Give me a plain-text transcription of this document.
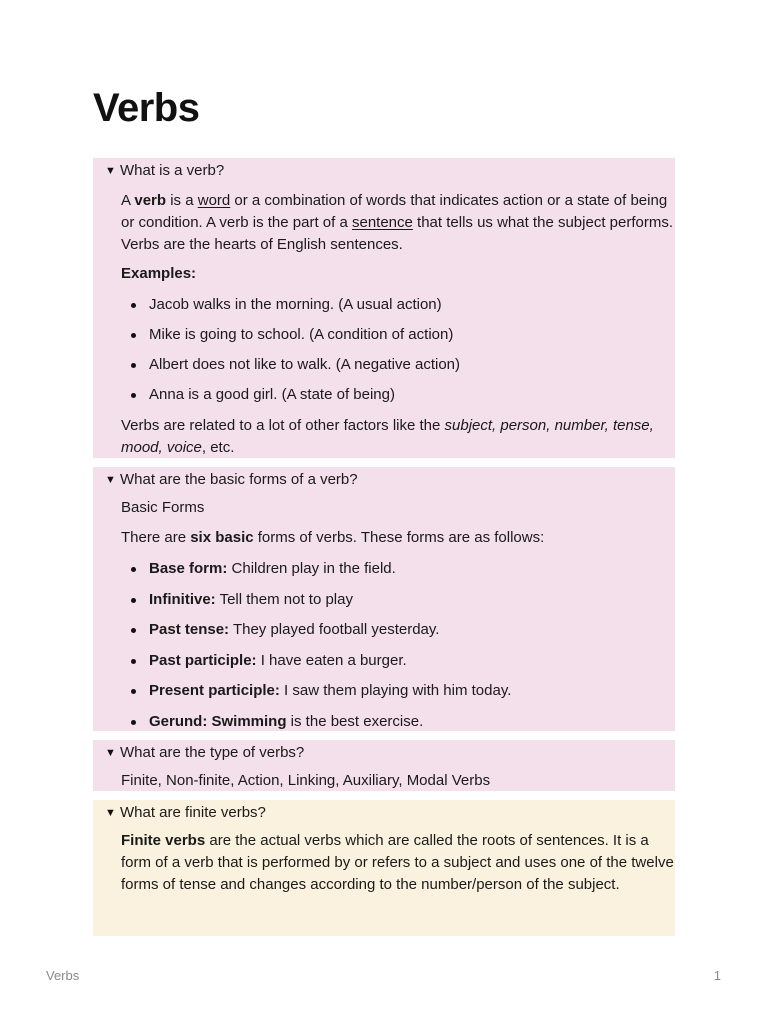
Verbs
▼ What is a verb?

A verb is a word or a combination of words that indicates action or a state of being or condition. A verb is the part of a sentence that tells us what the subject performs. Verbs are the hearts of English sentences.

Examples:

Jacob walks in the morning. (A usual action)
Mike is going to school. (A condition of action)
Albert does not like to walk. (A negative action)
Anna is a good girl. (A state of being)

Verbs are related to a lot of other factors like the subject, person, number, tense, mood, voice, etc.

▼ What are the basic forms of a verb?

Basic Forms

There are six basic forms of verbs. These forms are as follows:

Base form: Children play in the field.
Infinitive: Tell them not to play
Past tense: They played football yesterday.
Past participle: I have eaten a burger.
Present participle: I saw them playing with him today.
Gerund: Swimming is the best exercise.
▼ What are the type of verbs?

Finite, Non-finite, Action, Linking, Auxiliary, Modal Verbs

▼ What are finite verbs?

Finite verbs are the actual verbs which are called the roots of sentences. It is a form of a verb that is performed by or refers to a subject and uses one of the twelve forms of tense and changes according to the number/person of the subject.

Verbs	1
